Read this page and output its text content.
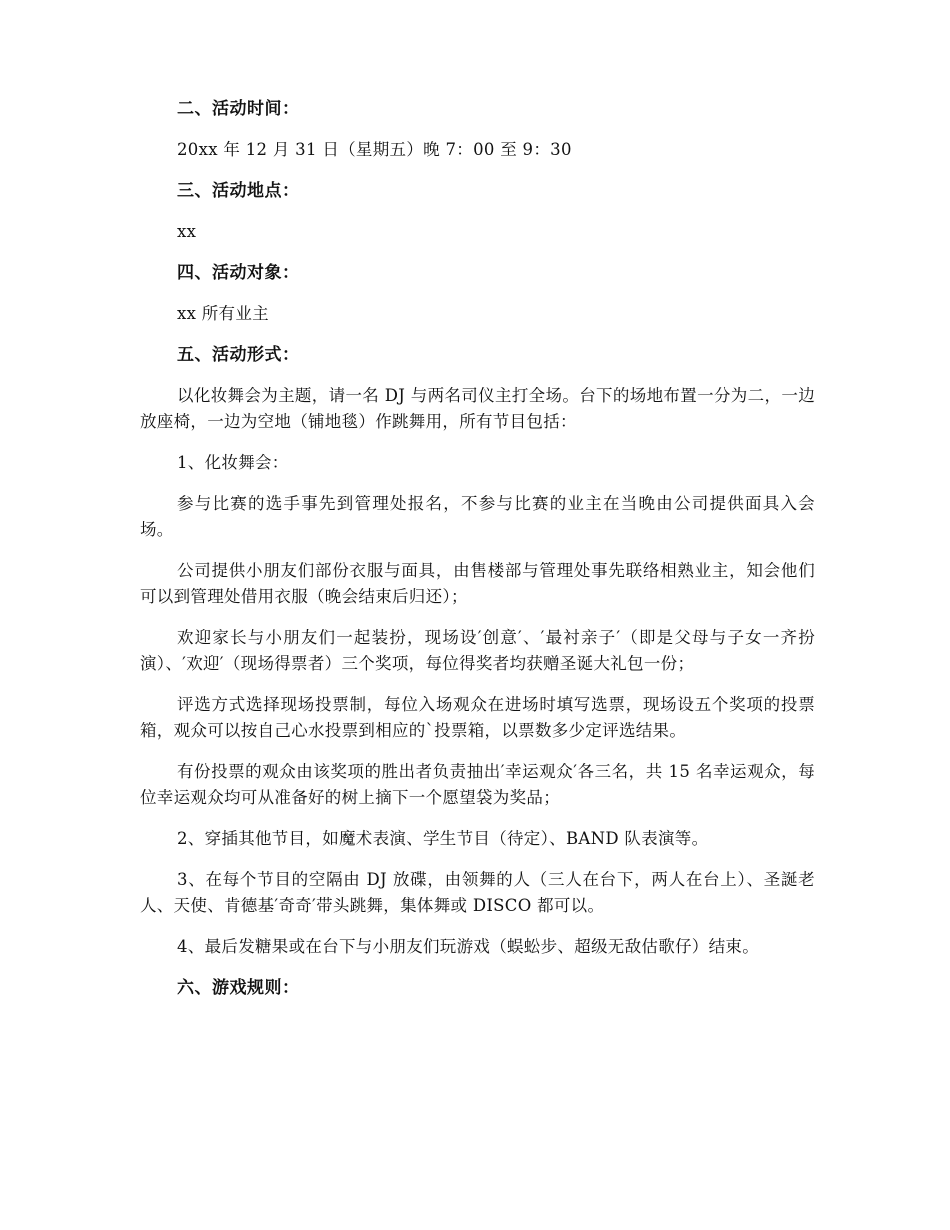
二、活动时间：
20xx 年 12 月 31 日（星期五）晚 7：00 至 9：30
三、活动地点：
xx
四、活动对象：
xx 所有业主
五、活动形式：
以化妆舞会为主题，请一名 DJ 与两名司仪主打全场。台下的场地布置一分为二，一边放座椅，一边为空地（铺地毯）作跳舞用，所有节目包括：
1、化妆舞会：
参与比赛的选手事先到管理处报名，不参与比赛的业主在当晚由公司提供面具入会场。
公司提供小朋友们部份衣服与面具，由售楼部与管理处事先联络相熟业主，知会他们可以到管理处借用衣服（晚会结束后归还）；
欢迎家长与小朋友们一起装扮，现场设′创意′、′最衬亲子′（即是父母与子女一齐扮演）、′欢迎′（现场得票者）三个奖项，每位得奖者均获赠圣诞大礼包一份；
评选方式选择现场投票制，每位入场观众在进场时填写选票，现场设五个奖项的投票箱，观众可以按自己心水投票到相应的`投票箱，以票数多少定评选结果。
有份投票的观众由该奖项的胜出者负责抽出′幸运观众′各三名，共 15 名幸运观众，每位幸运观众均可从准备好的树上摘下一个愿望袋为奖品；
2、穿插其他节目，如魔术表演、学生节目（待定）、BAND 队表演等。
3、在每个节目的空隔由 DJ 放碟，由领舞的人（三人在台下，两人在台上）、圣誕老人、天使、肯德基′奇奇′带头跳舞，集体舞或 DISCO 都可以。
4、最后发糖果或在台下与小朋友们玩游戏（蜈蚣步、超级无敌估歌仔）结束。
六、游戏规则：
